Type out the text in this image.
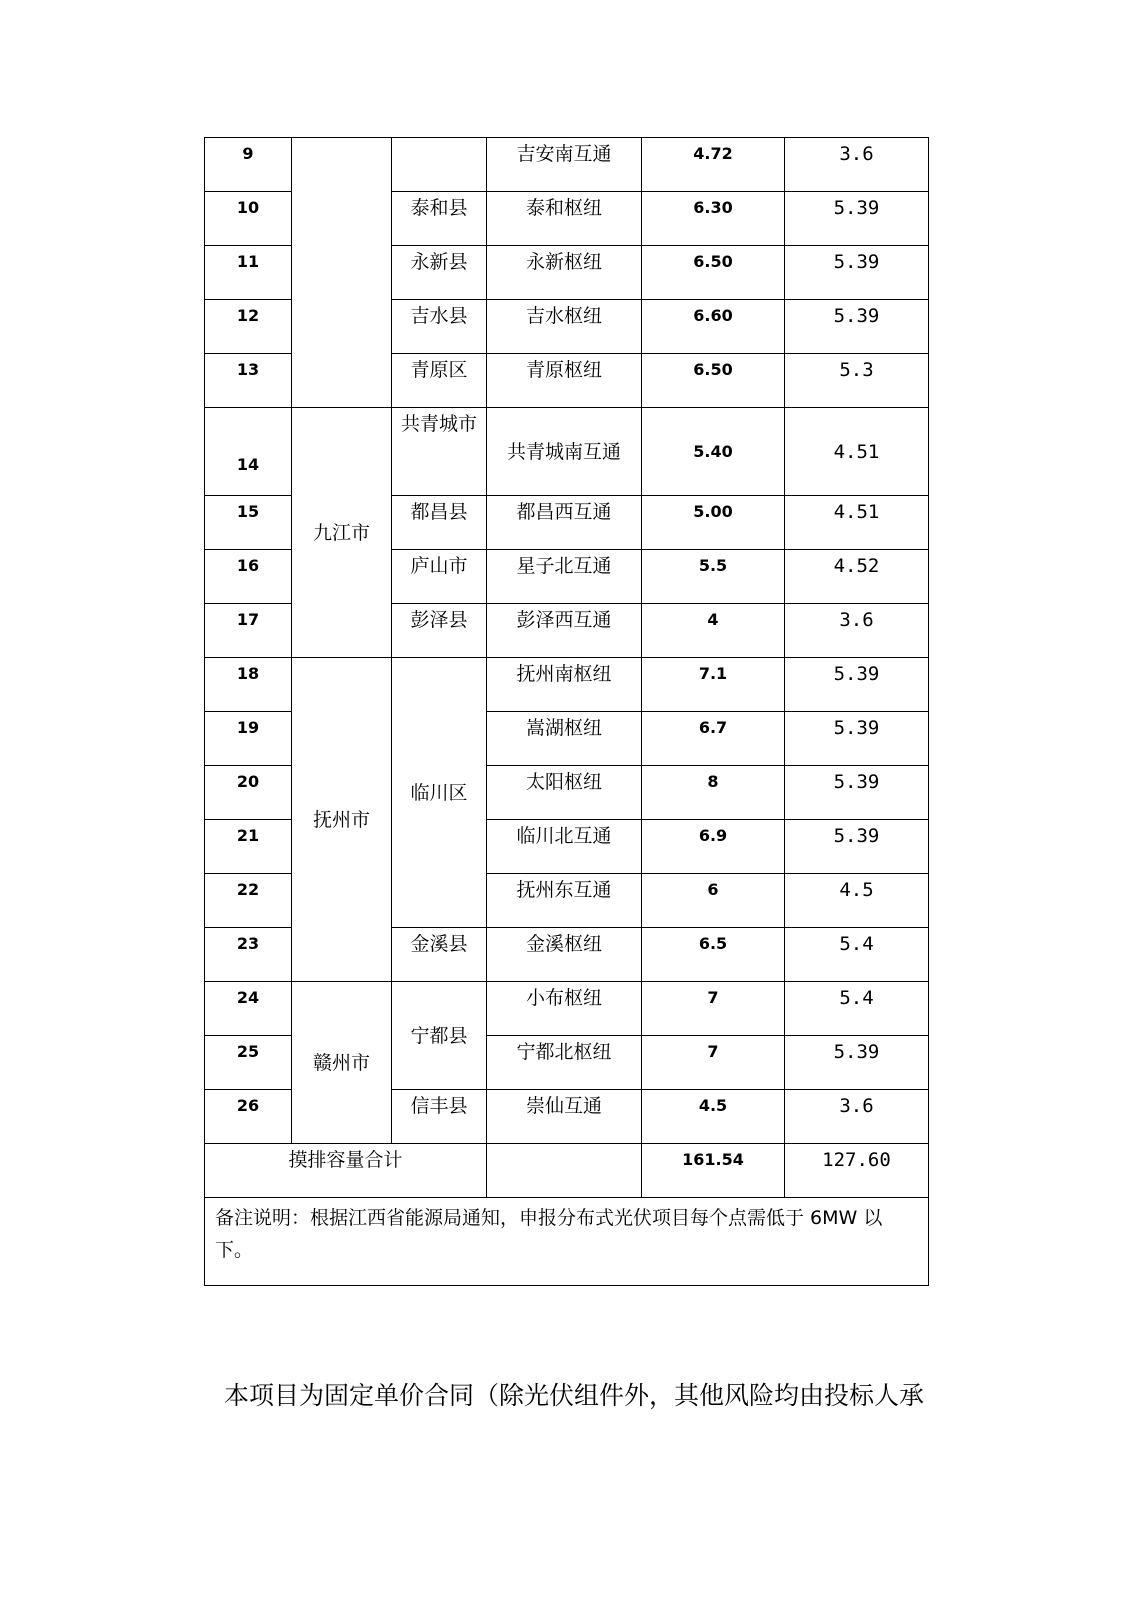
9			吉安南互通	4.72	3.6
10		泰和县	泰和枢纽	6.30	5.39
11		永新县	永新枢纽	6.50	5.39
12		吉水县	吉水枢纽	6.60	5.39
13		青原区	青原枢纽	6.50	5.3
14	九江市	共青城市	共青城南互通	5.40	4.51
15		都昌县	都昌西互通	5.00	4.51
16		庐山市	星子北互通	5.5	4.52
17		彭泽县	彭泽西互通	4	3.6
18	抚州市	临川区	抚州南枢纽	7.1	5.39
19			嵩湖枢纽	6.7	5.39
20			太阳枢纽	8	5.39
21			临川北互通	6.9	5.39
22			抚州东互通	6	4.5
23		金溪县	金溪枢纽	6.5	5.4
24	赣州市	宁都县	小布枢纽	7	5.4
25			宁都北枢纽	7	5.39
26		信丰县	崇仙互通	4.5	3.6
摸排容量合计				161.54	127.60
备注说明：根据江西省能源局通知，申报分布式光伏项目每个点需低于 6MW 以下。					
本项目为固定单价合同（除光伏组件外，其他风险均由投标人承
